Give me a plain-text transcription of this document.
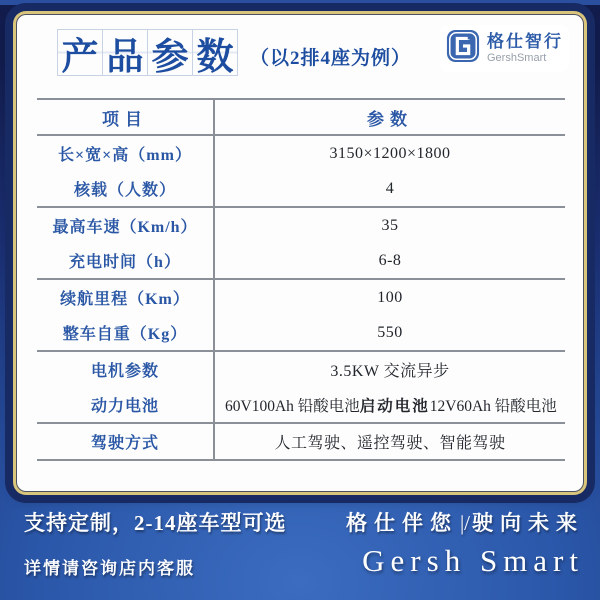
产 品 参 数 （以2排4座为例）
格仕智行
GershSmart
项目	参数
长×宽×高（mm）	3150×1200×1800
核载（人数）	4
最高车速（Km/h）	35
充电时间（h）	6-8
续航里程（Km）	100
整车自重（Kg）	550
电机参数	3.5KW 交流异步
动力电池	60V100Ah 铅酸电池 启动电池 12V60Ah 铅酸电池
驾驶方式	人工驾驶、遥控驾驶、智能驾驶
支持定制，2-14座车型可选
详情请咨询店内客服
格仕伴您|/驶向未来
Gersh Smart
